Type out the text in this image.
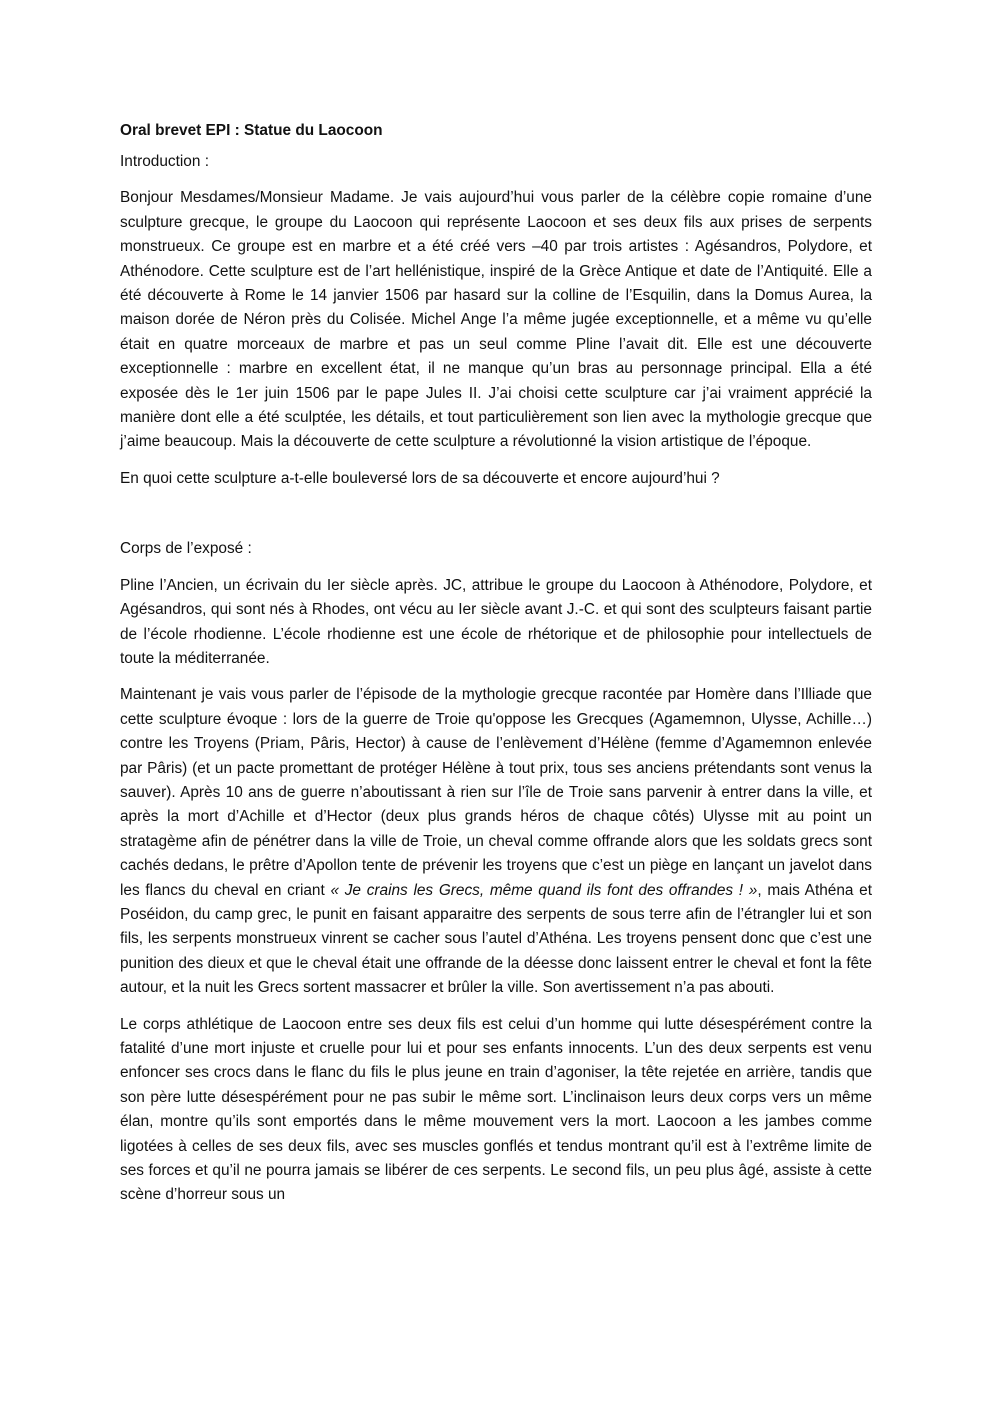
Oral brevet EPI : Statue du Laocoon
Introduction :

Bonjour Mesdames/Monsieur Madame. Je vais aujourd’hui vous parler de la célèbre copie romaine d’une sculpture grecque, le groupe du Laocoon qui représente Laocoon et ses deux fils aux prises de serpents monstrueux. Ce groupe est en marbre et a été créé vers –40 par trois artistes : Agésandros, Polydore, et Athénodore. Cette sculpture est de l’art hellénistique, inspiré de la Grèce Antique et date de l’Antiquité. Elle a été découverte à Rome le 14 janvier 1506 par hasard sur la colline de l’Esquilin, dans la Domus Aurea, la maison dorée de Néron près du Colisée. Michel Ange l’a même jugée exceptionnelle, et a même vu qu’elle était en quatre morceaux de marbre et pas un seul comme Pline l’avait dit. Elle est une découverte exceptionnelle : marbre en excellent état, il ne manque qu’un bras au personnage principal. Ella a été exposée dès le 1er juin 1506 par le pape Jules II. J’ai choisi cette sculpture car j’ai vraiment apprécié la manière dont elle a été sculptée, les détails, et tout particulièrement son lien avec la mythologie grecque que j’aime beaucoup. Mais la découverte de cette sculpture a révolutionné la vision artistique de l’époque.

En quoi cette sculpture a-t-elle bouleversé lors de sa découverte et encore aujourd’hui ?

Corps de l’exposé :

Pline l’Ancien, un écrivain du Ier siècle après. JC, attribue le groupe du Laocoon à Athénodore, Polydore, et Agésandros, qui sont nés à Rhodes, ont vécu au Ier siècle avant J.-C. et qui sont des sculpteurs faisant partie de l’école rhodienne. L’école rhodienne est une école de rhétorique et de philosophie pour intellectuels de toute la méditerranée.

Maintenant je vais vous parler de l’épisode de la mythologie grecque racontée par Homère dans l’Illiade que cette sculpture évoque : lors de la guerre de Troie qu'oppose les Grecques (Agamemnon, Ulysse, Achille…) contre les Troyens (Priam, Pâris, Hector) à cause de l’enlèvement d’Hélène (femme d’Agamemnon enlevée par Pâris) (et un pacte promettant de protéger Hélène à tout prix, tous ses anciens prétendants sont venus la sauver). Après 10 ans de guerre n’aboutissant à rien sur l’île de Troie sans parvenir à entrer dans la ville, et après la mort d’Achille et d’Hector (deux plus grands héros de chaque côtés) Ulysse mit au point un stratagème afin de pénétrer dans la ville de Troie, un cheval comme offrande alors que les soldats grecs sont cachés dedans, le prêtre d’Apollon tente de prévenir les troyens que c’est un piège en lançant un javelot dans les flancs du cheval en criant « Je crains les Grecs, même quand ils font des offrandes ! », mais Athéna et Poséidon, du camp grec, le punit en faisant apparaitre des serpents de sous terre afin de l’étrangler lui et son fils, les serpents monstrueux vinrent se cacher sous l’autel d’Athéna. Les troyens pensent donc que c’est une punition des dieux et que le cheval était une offrande de la déesse donc laissent entrer le cheval et font la fête autour, et la nuit les Grecs sortent massacrer et brûler la ville. Son avertissement n’a pas abouti.

Le corps athlétique de Laocoon entre ses deux fils est celui d’un homme qui lutte désespérément contre la fatalité d’une mort injuste et cruelle pour lui et pour ses enfants innocents. L’un des deux serpents est venu enfoncer ses crocs dans le flanc du fils le plus jeune en train d’agoniser, la tête rejetée en arrière, tandis que son père lutte désespérément pour ne pas subir le même sort. L’inclinaison leurs deux corps vers un même élan, montre qu’ils sont emportés dans le même mouvement vers la mort. Laocoon a les jambes comme ligotées à celles de ses deux fils, avec ses muscles gonflés et tendus montrant qu’il est à l’extrême limite de ses forces et qu’il ne pourra jamais se libérer de ces serpents. Le second fils, un peu plus âgé, assiste à cette scène d’horreur sous un
